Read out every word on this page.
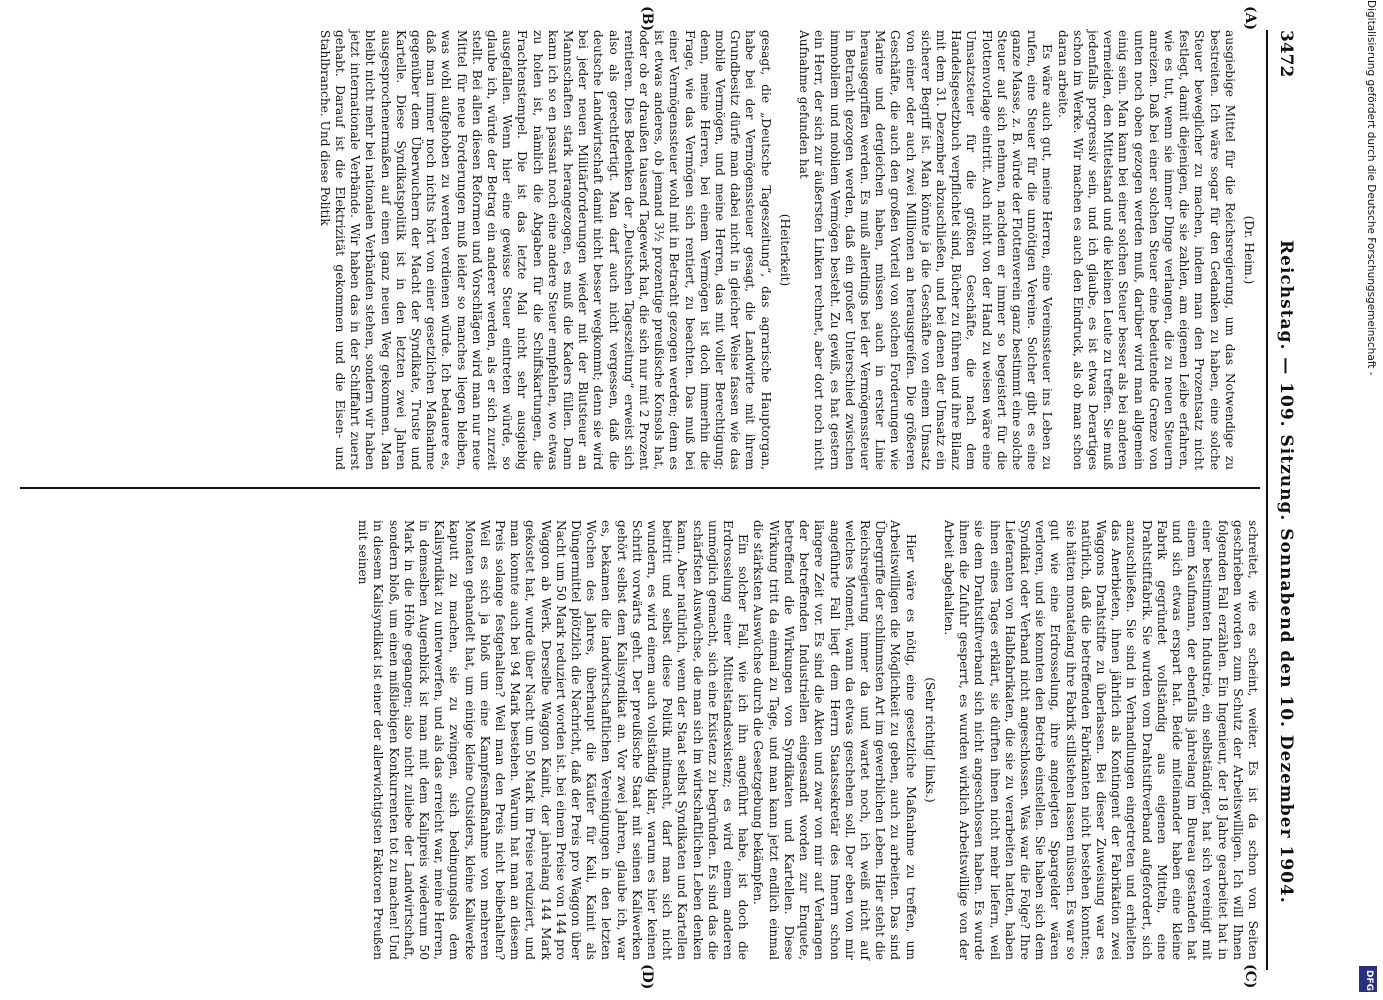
3472
Reichstag. — 109. Sitzung. Sonnabend den 10. Dezember 1904.
(A)
(B)
(C)
(D)

(Dr. Heim.)

ausgiebige Mittel für die Reichsregierung, um das Notwendige zu bestreiten. Ich wäre sogar für den Gedanken zu haben, eine solche Steuer beweglicher zu machen, indem man den Prozentsatz nicht festlegt, damit diejenigen, die sie zahlen, am eigenen Leibe erfahren, wie es tut, wenn sie immer Dinge verlangen, die zu neuen Steuern anreizen. Daß bei einer solchen Steuer eine bedeutende Grenze von unten noch oben gezogen werden muß, darüber wird man allgemein einig sein. Man kann bei einer solchen Steuer besser als bei anderen vermeiden, den Mittelstand und die kleinen Leute zu treffen. Sie muß jedenfalls progressiv sein, und ich glaube, es ist etwas Derartiges schon im Werke. Wir machen es auch den Eindruck, als ob man schon daran arbeite.

Es wäre auch gut, meine Herren, eine Vereinssteuer ins Leben zu rufen, eine Steuer für die unnötigen Vereine. Solcher gibt es eine ganze Masse, z. B. würde der Flottenverein ganz bestimmt eine solche Steuer auf sich nehmen, nachdem er immer so begeistert für die Flottenvorlage eintritt. Auch nicht von der Hand zu weisen wäre eine Umsatzsteuer für die größten Geschäfte, die nach dem Handelsgesetzbuch verpflichtet sind, Bücher zu führen und ihre Bilanz mit dem 31. Dezember abzuschließen, und bei denen der Umsatz ein sicherer Begriff ist. Man könnte ja die Geschäfte von einem Umsatz von einer oder auch zwei Millionen an herausgreifen. Die größeren Geschäfte, die auch den großen Vorteil von solchen Forderungen wie Marine und dergleichen haben, müssen auch in erster Linie herausgegriffen werden. Es muß allerdings bei der Vermögenssteuer in Betracht gezogen werden, daß ein großer Unterschied zwischen immobilem und mobilem Vermögen besteht. Zu gewiß, es hat gestern ein Herr, der sich zur äußersten Linken rechnet, aber dort noch nicht Aufnahme gefunden hat

(Heiterkeit)

gesagt, die „Deutsche Tageszeitung“, das agrarische Hauptorgan, habe bei der Vermögenssteuer gesagt, die Landwirte mit ihrem Grundbesitz dürfe man dabei nicht in gleicher Weise fassen wie das mobile Vermögen, und meine Herren, das mit voller Berechtigung; denn, meine Herren, bei einem Vermögen ist doch immerhin die Frage, wie das Vermögen sich rentiert, zu beachten. Das muß bei einer Vermögenssteuer wohl mit in Betracht gezogen werden; denn es ist etwas anderes, ob jemand 3½ prozentige preußische Konsols hat, oder ob er draußen tausend Tagewerk hat, die sich nur mit 2 Prozent rentieren. Dies Bedenken der „Deutschen Tageszeitung“ erweist sich also als gerechtfertigt. Man darf auch nicht vergessen, daß die deutsche Landwirtschaft damit nicht besser wegkommt; denn sie wird bei jeder neuen Militärforderungen wieder mit der Blutsteuer an Mannschaften stark herangezogen, es muß die Kaders füllen. Dann kann ich so en passant noch eine andere Steuer empfehlen, wo etwas zu holen ist, nämlich die Abgaben für die Schiffskartungen, die Frachtenstempel. Die ist das letzte Mal nicht sehr ausgiebig ausgefallen. Wenn hier eine gewisse Steuer eintreten würde, so glaube ich, würde der Betrag ein anderer werden, als er sich zurzeit stellt. Bei allen diesen Reformen und Vorschlägen wird man nur neue Mittel für neue Forderungen muß leider so manches liegen bleiben, was wohl aufgehoben zu werden verdienen würde. Ich bedauere es, daß man immer noch nichts hört von einer gesetzlichen Maßnahme gegenüber dem Überwuchern der Macht der Syndikate, Truste und Kartelle. Diese Syndikatspolitik ist in den letzten zwei Jahren ausgesprochenermaßen auf einen ganz neuen Weg gekommen. Man bleibt nicht mehr bei nationalen Verbänden stehen, sondern wir haben jetzt internationale Verbände. Wir haben das in der Schiffahrt zuerst gehabt. Darauf ist die Elektrizität gekommen und die Eisen- und Stahlbranche. Und diese Politik

schreitet, wie es scheint, weiter. Es ist da schon von Seiten geschrieben worden zum Schutz der Arbeitswilligen. Ich will Ihnen folgenden Fall erzählen. Ein Ingenieur, der 18 Jahre gearbeitet hat in einer bestimmten Industrie, ein selbständiger, hat sich vereinigt mit einem Kaufmann, der ebenfalls jahrelang im Bureau gestanden hat und sich etwas erspart hat. Beide miteinander haben eine kleine Fabrik gegründet vollständig aus eigenen Mitteln, eine Drahtstiftfabrik. Sie wurden vom Drahtstiftverband aufgefordert, sich anzuschließen. Sie sind in Verhandlungen eingetreten und erhielten das Anerbieten, ihnen jährlich als Kontingent der Fabrikation zwei Waggons Drahtstifte zu überlassen. Bei dieser Zuweisung war es natürlich, daß die betreffenden Fabrikanten nicht bestehen konnten; sie hätten monatelang ihre Fabrik stillstehen lassen müssen. Es war so gut wie eine Erdrosselung, ihre angelegten Spargelder wären verloren, und sie konnten den Betrieb einstellen. Sie haben sich dem Syndikat oder Verband nicht angeschlossen. Was war die Folge? Ihre Lieferanten von Halbfabrikaten, die sie zu verarbeiten hatten, haben ihnen eines Tages erklärt, sie dürften ihnen nicht mehr liefern, weil sie dem Drahtstiftverband sich nicht angeschlossen haben. Es wurde ihnen die Zufuhr gesperrt, es wurden wirklich Arbeitswillige von der Arbeit abgehalten.

(Sehr richtig! links.)

Hier wäre es nötig, eine gesetzliche Maßnahme zu treffen, um Arbeitswilligen die Möglichkeit zu geben, auch zu arbeiten. Das sind Übergriffe der schlimmsten Art im gewerblichen Leben. Hier steht die Reichsregierung immer da und wartet noch, ich weiß nicht auf welches Moment, wann da etwas geschehen soll. Der eben von mir angeführte Fall liegt dem Herrn Staatssekretär des Innern schon längere Zeit vor. Es sind die Akten und zwar von mir auf Verlangen der betreffenden Industriellen eingesandt worden zur Enquete, betreffend die Wirkungen von Syndikaten und Kartellen. Diese Wirkung tritt da einmal zu Tage, und man kann jetzt endlich einmal die stärksten Auswüchse durch die Gesetzgebung bekämpfen.

Ein solcher Fall, wie ich ihn angeführt habe, ist doch die Erdrosselung einer Mittelstandsexistenz; es wird einem anderen unmöglich gemacht, sich eine Existenz zu begründen. Es sind das die schärfsten Auswüchse, die man sich im wirtschaftlichen Leben denken kann. Aber natürlich, wenn der Staat selbst Syndikaten und Kartellen beitritt und selbst diese Politik mitmacht, darf man sich nicht wundern, es wird einem auch vollständig klar, warum es hier keinen Schritt vorwärts geht. Der preußische Staat mit seinen Kaliwerken gehört selbst dem Kalisyndikat an. Vor zwei Jahren, glaube ich, war es, bekamen die landwirtschaftlichen Vereinigungen in den letzten Wochen des Jahres, überhaupt die Käufer für Kali, Kainit als Düngermittel plötzlich die Nachricht, daß der Preis pro Waggon über Nacht um 50 Mark reduziert worden ist. bei einem Preise von 144 pro Waggon ab Werk. Derselbe Waggon Kainit, der jahrelang 144 Mark gekostet hat, wurde über Nacht um 50 Mark im Preise reduziert, und man konnte auch bei 94 Mark bestehen. Warum hat man an diesem Preis solange festgehalten? Weil man den Preis nicht beibehalten? Weil es sich ja bloß um eine Kampfesmaßnahme von mehreren Monaten gehandelt hat, um einige kleine Outsiders, kleine Kaliwerke kaputt zu machen, sie zu zwingen, sich bedingungslos dem Kalisyndikat zu unterwerfen, und als das erreicht war, meine Herren, in demselben Augenblick ist man mit dem Kalipreis wiederum 50 Mark in die Höhe gegangen; also nicht zuliebe der Landwirtschaft, sondern bloß, um einen mißliebigen Konkurrenten tot zu machen! Und in diesem Kalisyndikat ist einer der allerwichtigsten Faktoren Preußen mit seinen

Digitalisierung gefördert durch die Deutsche Forschungsgemeinschaft -
DFG
